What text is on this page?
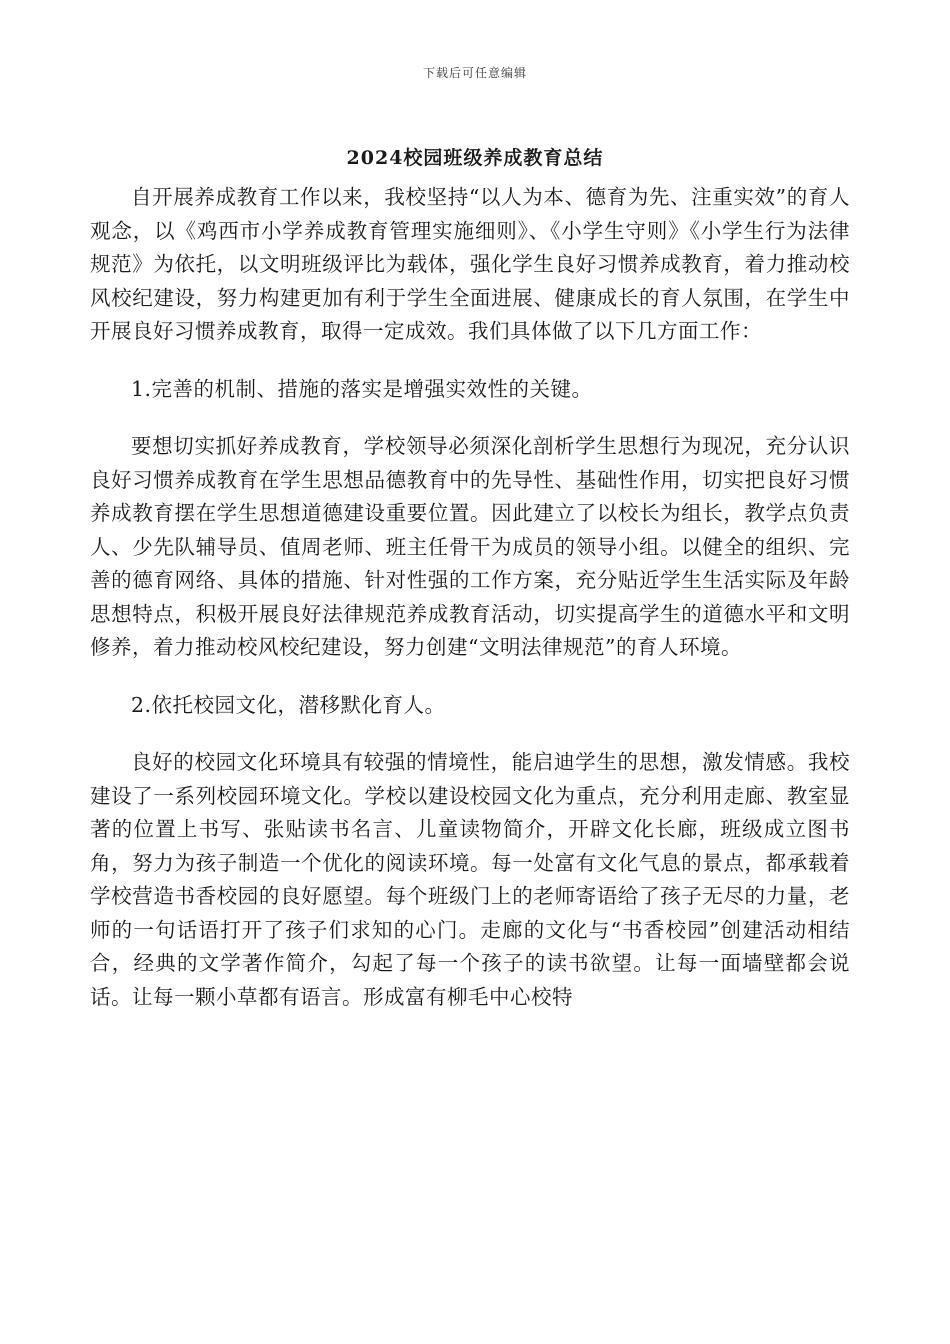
下载后可任意编辑
2024校园班级养成教育总结

自开展养成教育工作以来，我校坚持“以人为本、德育为先、注重实效”的育人观念，以《鸡西市小学养成教育管理实施细则》、《小学生守则》《小学生行为法律规范》为依托，以文明班级评比为载体，强化学生良好习惯养成教育，着力推动校风校纪建设，努力构建更加有利于学生全面进展、健康成长的育人氛围，在学生中开展良好习惯养成教育，取得一定成效。我们具体做了以下几方面工作：

1.完善的机制、措施的落实是增强实效性的关键。

要想切实抓好养成教育，学校领导必须深化剖析学生思想行为现况，充分认识良好习惯养成教育在学生思想品德教育中的先导性、基础性作用，切实把良好习惯养成教育摆在学生思想道德建设重要位置。因此建立了以校长为组长，教学点负责人、少先队辅导员、值周老师、班主任骨干为成员的领导小组。以健全的组织、完善的德育网络、具体的措施、针对性强的工作方案，充分贴近学生生活实际及年龄思想特点，积极开展良好法律规范养成教育活动，切实提高学生的道德水平和文明修养，着力推动校风校纪建设，努力创建“文明法律规范”的育人环境。

2.依托校园文化，潜移默化育人。

良好的校园文化环境具有较强的情境性，能启迪学生的思想，激发情感。我校建设了一系列校园环境文化。学校以建设校园文化为重点，充分利用走廊、教室显著的位置上书写、张贴读书名言、儿童读物简介，开辟文化长廊，班级成立图书角，努力为孩子制造一个优化的阅读环境。每一处富有文化气息的景点，都承载着学校营造书香校园的良好愿望。每个班级门上的老师寄语给了孩子无尽的力量，老师的一句话语打开了孩子们求知的心门。走廊的文化与“书香校园”创建活动相结合，经典的文学著作简介，勾起了每一个孩子的读书欲望。让每一面墙壁都会说话。让每一颗小草都有语言。形成富有柳毛中心校特
